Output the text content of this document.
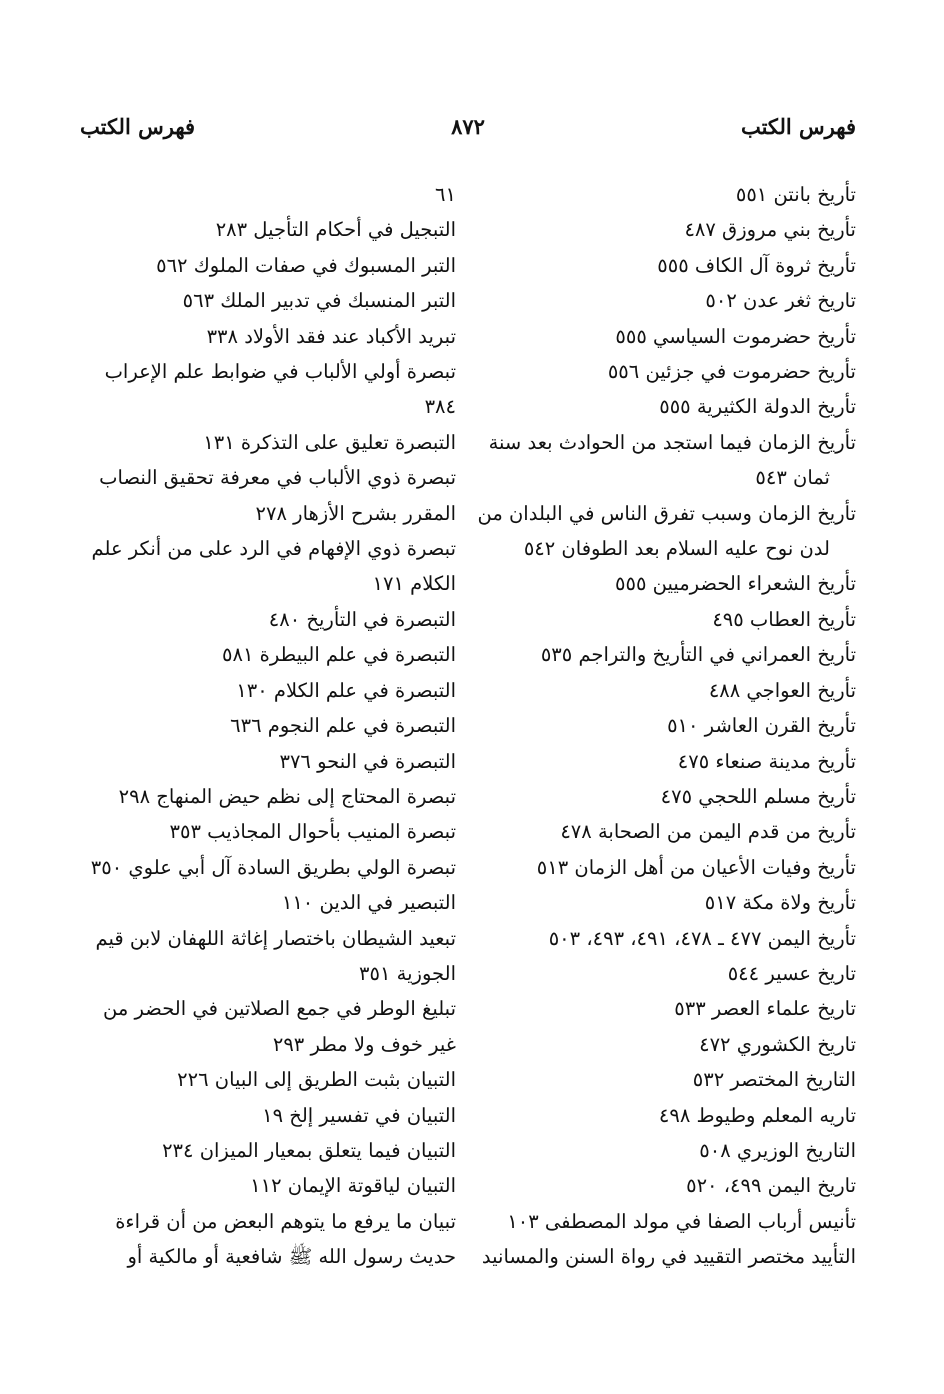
فهرس الكتب
٨٧٢
فهرس الكتب
تأريخ بانتن ٥٥١
تأريخ بني مروزق ٤٨٧
تأريخ ثروة آل الكاف ٥٥٥
تاريخ ثغر عدن ٥٠٢
تأريخ حضرموت السياسي ٥٥٥
تأريخ حضرموت في جزئين ٥٥٦
تأريخ الدولة الكثيرية ٥٥٥
تأريخ الزمان فيما استجد من الحوادث بعد سنة
ثمان ٥٤٣
تأريخ الزمان وسبب تفرق الناس في البلدان من
لدن نوح عليه السلام بعد الطوفان ٥٤٢
تأريخ الشعراء الحضرميين ٥٥٥
تأريخ العطاب ٤٩٥
تأريخ العمراني في التأريخ والتراجم ٥٣٥
تأريخ العواجي ٤٨٨
تأريخ القرن العاشر ٥١٠
تأريخ مدينة صنعاء ٤٧٥
تأريخ مسلم اللحجي ٤٧٥
تأريخ من قدم اليمن من الصحابة ٤٧٨
تأريخ وفيات الأعيان من أهل الزمان ٥١٣
تأريخ ولاة مكة ٥١٧
تأريخ اليمن ٤٧٧ ـ ٤٧٨، ٤٩١، ٤٩٣، ٥٠٣
تاريخ عسير ٥٤٤
تاريخ علماء العصر ٥٣٣
تاريخ الكشوري ٤٧٢
التاريخ المختصر ٥٣٢
تاريه المعلم وطيوط ٤٩٨
التاريخ الوزيري ٥٠٨
تاريخ اليمن ٤٩٩، ٥٢٠
تأنيس أرباب الصفا في مولد المصطفى ١٠٣
التأييد مختصر التقييد في رواة السنن والمسانيد
٦١
التبجيل في أحكام التأجيل ٢٨٣
التبر المسبوك في صفات الملوك ٥٦٢
التبر المنسبك في تدبير الملك ٥٦٣
تبريد الأكباد عند فقد الأولاد ٣٣٨
تبصرة أولي الألباب في ضوابط علم الإعراب
٣٨٤
التبصرة تعليق على التذكرة ١٣١
تبصرة ذوي الألباب في معرفة تحقيق النصاب
المقرر بشرح الأزهار ٢٧٨
تبصرة ذوي الإفهام في الرد على من أنكر علم
الكلام ١٧١
التبصرة في التأريخ ٤٨٠
التبصرة في علم البيطرة ٥٨١
التبصرة في علم الكلام ١٣٠
التبصرة في علم النجوم ٦٣٦
التبصرة في النحو ٣٧٦
تبصرة المحتاج إلى نظم حيض المنهاج ٢٩٨
تبصرة المنيب بأحوال المجاذيب ٣٥٣
تبصرة الولي بطريق السادة آل أبي علوي ٣٥٠
التبصير في الدين ١١٠
تبعيد الشيطان باختصار إغاثة اللهفان لابن قيم
الجوزية ٣٥١
تبليغ الوطر في جمع الصلاتين في الحضر من
غير خوف ولا مطر ٢٩٣
التبيان بثبت الطريق إلى البيان ٢٢٦
التبيان في تفسير إلخ ١٩
التبيان فيما يتعلق بمعيار الميزان ٢٣٤
التبيان لياقوتة الإيمان ١١٢
تبيان ما يرفع ما يتوهم البعض من أن قراءة
حديث رسول الله ﷺ شافعية أو مالكية أو
